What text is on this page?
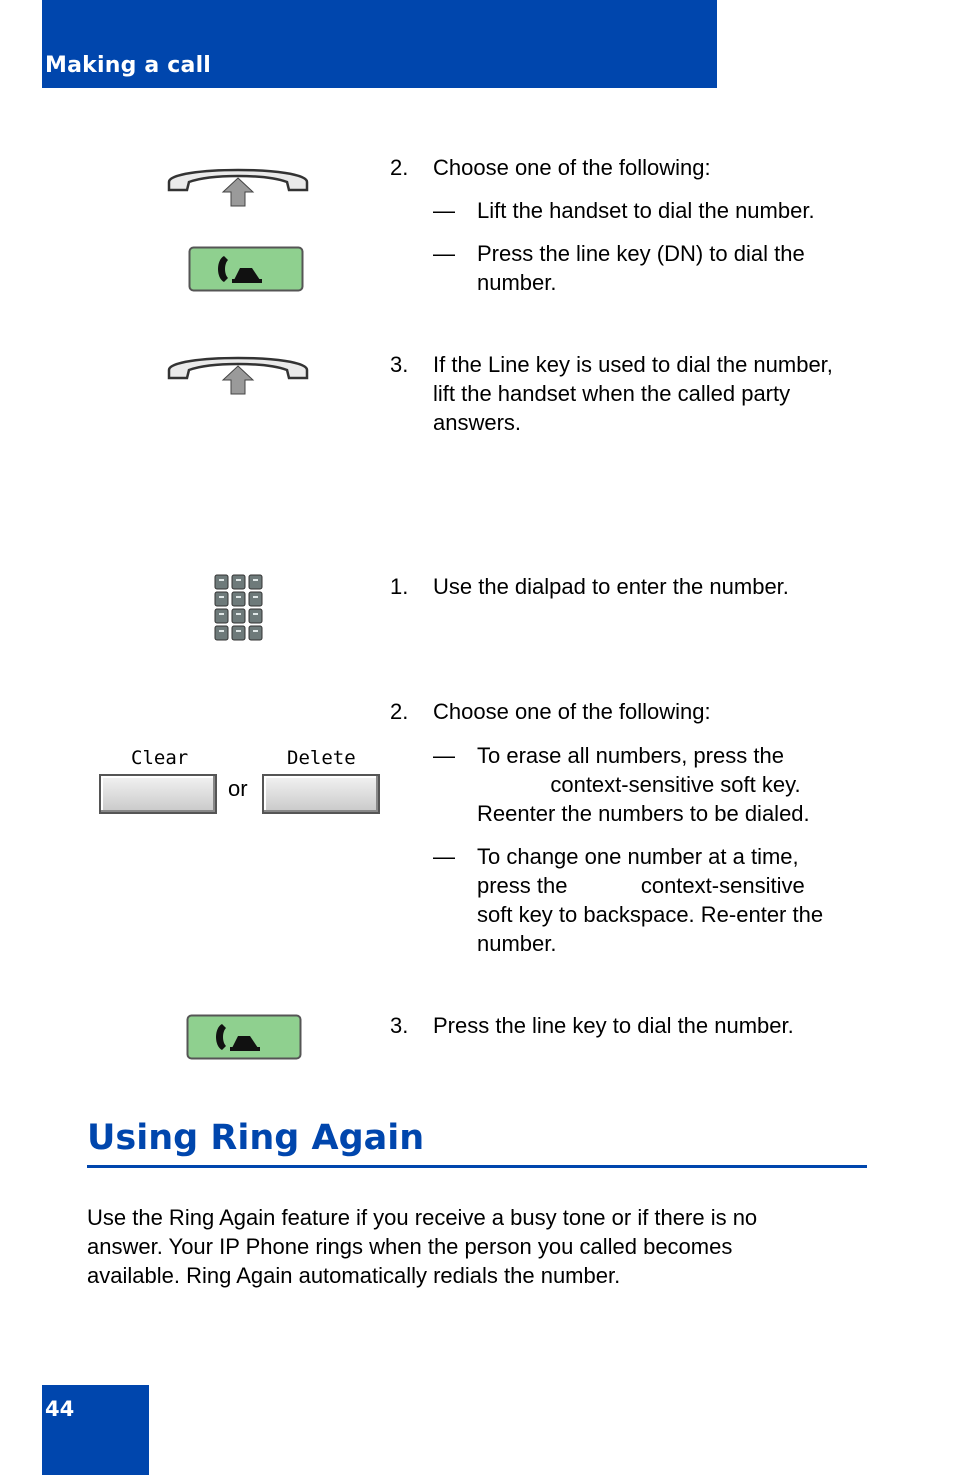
Making a call
2. Choose one of the following:
— Lift the handset to dial the number.
— Press the line key (DN) to dial the
number.
3. If the Line key is used to dial the number,
lift the handset when the called party
answers.
1. Use the dialpad to enter the number.
2. Choose one of the following:
Clear
or
Delete	— To erase all numbers, press the
context-sensitive soft key.
Reenter the numbers to be dialed.
— To change one number at a time,
press the            context-sensitive
soft key to backspace. Re-enter the
number.
3. Press the line key to dial the number.
Using Ring Again
Use the Ring Again feature if you receive a busy tone or if there is no
answer. Your IP Phone rings when the person you called becomes
available. Ring Again automatically redials the number.
44
